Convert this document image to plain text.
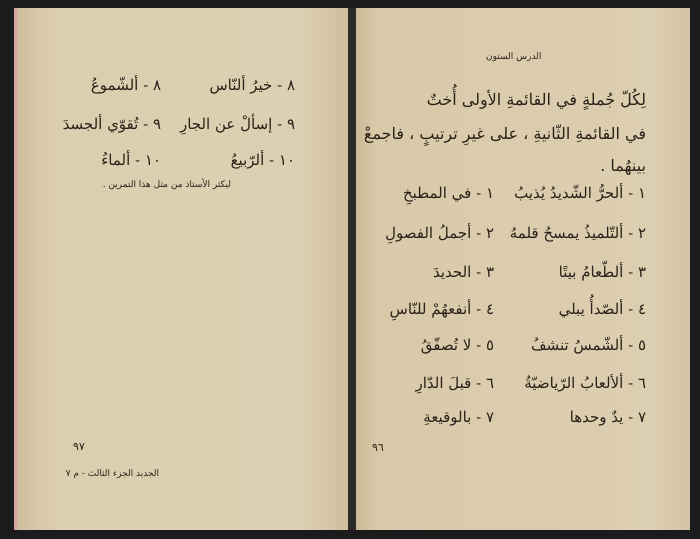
٨ - خيرُ ألنّاس
٩ - إسألْ عن الجارِ
١٠ - ألرّبيعُ
٨ - ألشّموعُ
٩ - تُقوّي ألجسدَ
١٠ - ألماءُ
ليكثر الأستاذ من مثل هذا التمرين .
٩٧
الجديد الجزء الثالث - م ٧
الدرس الستون
لِكُلّ جُملةٍ في القائمةِ الأولى أُختٌ
في القائمةِ الثّانيةِ ، على غيرِ ترتيبٍ ، فاجمعْ
بينهُما .
١ - ألحرُّ الشّديدُ يُذيبُ
٢ - ألتّلميذُ يمسحُ قلمهُ
٣ - ألطّعامُ بيتًا
٤ - ألصّدأُ يبلي
٥ - ألشّمسُ تنشفُ
٦ - ألألعابُ الرّياضيّةُ
٧ - يدٌ وحدها
١ - في المطبخِ
٢ - أجملُ الفصولِ
٣ - الحديدَ
٤ - أنفعهُمْ للنّاسِ
٥ - لا تُصفّقُ
٦ - قبلَ الدّارِ
٧ - بالوقيعةِ
٩٦
